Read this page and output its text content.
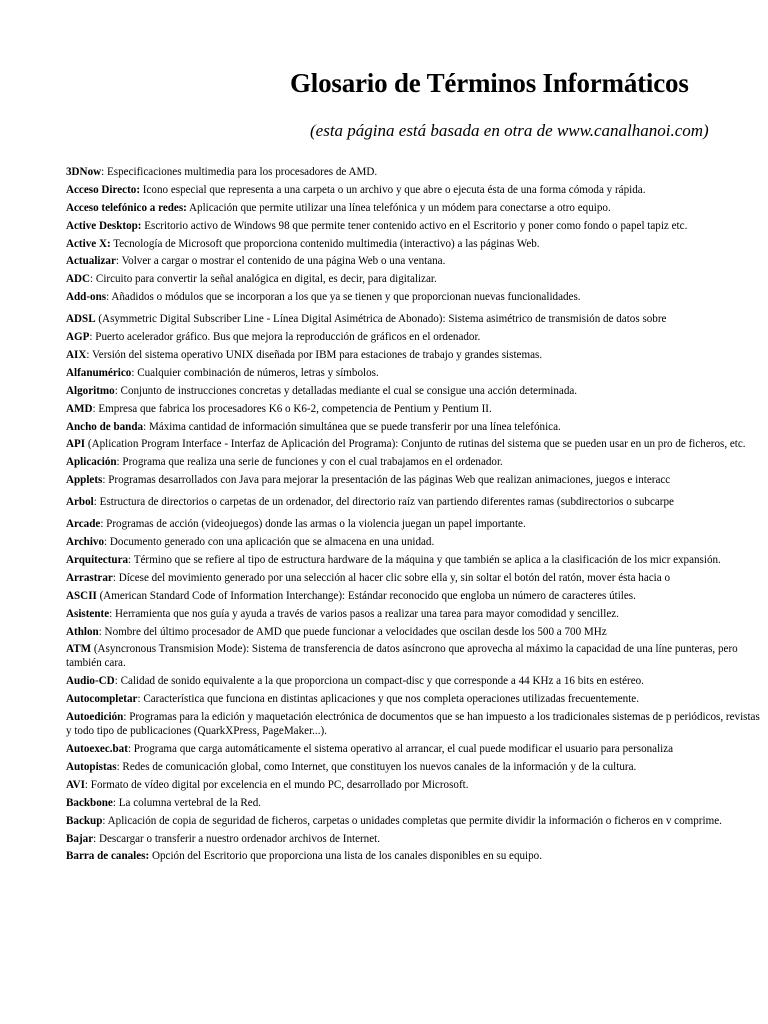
Glosario de Términos Informáticos

(esta página está basada en otra de www.canalhanoi.com)

3DNow: Especificaciones multimedia para los procesadores de AMD.

Acceso Directo: Icono especial que representa a una carpeta o un archivo y que abre o ejecuta ésta de una forma cómoda y rápida.

Acceso telefónico a redes: Aplicación que permite utilizar una línea telefónica y un módem para conectarse a otro equipo.

Active Desktop: Escritorio activo de Windows 98 que permite tener contenido activo en el Escritorio y poner como fondo o papel tapiz etc.

Active X: Tecnología de Microsoft que proporciona contenido multimedia (interactivo) a las páginas Web.

Actualizar: Volver a cargar o mostrar el contenido de una página Web o una ventana.

ADC: Circuito para convertir la señal analógica en digital, es decir, para digitalizar.

Add-ons: Añadidos o módulos que se incorporan a los que ya se tienen y que proporcionan nuevas funcionalidades.

ADSL (Asymmetric Digital Subscriber Line - Línea Digital Asimétrica de Abonado): Sistema asimétrico de transmisión de datos sobre

AGP: Puerto acelerador gráfico. Bus que mejora la reproducción de gráficos en el ordenador.

AIX: Versión del sistema operativo UNIX diseñada por IBM para estaciones de trabajo y grandes sistemas.

Alfanumérico: Cualquier combinación de números, letras y símbolos.

Algoritmo: Conjunto de instrucciones concretas y detalladas mediante el cual se consigue una acción determinada.

AMD: Empresa que fabrica los procesadores K6 o K6-2, competencia de Pentium y Pentium II.

Ancho de banda: Máxima cantidad de información simultánea que se puede transferir por una línea telefónica.

API (Aplication Program Interface - Interfaz de Aplicación del Programa): Conjunto de rutinas del sistema que se pueden usar en un pro de ficheros, etc.

Aplicación: Programa que realiza una serie de funciones y con el cual trabajamos en el ordenador.

Applets: Programas desarrollados con Java para mejorar la presentación de las páginas Web que realizan animaciones, juegos e interacc

Arbol: Estructura de directorios o carpetas de un ordenador, del directorio raíz van partiendo diferentes ramas (subdirectorios o subcarpe

Arcade: Programas de acción (videojuegos) donde las armas o la violencia juegan un papel importante.

Archivo: Documento generado con una aplicación que se almacena en una unidad.

Arquitectura: Término que se refiere al tipo de estructura hardware de la máquina y que también se aplica a la clasificación de los micr expansión.

Arrastrar: Dícese del movimiento generado por una selección al hacer clic sobre ella y, sin soltar el botón del ratón, mover ésta hacia o

ASCII (American Standard Code of Information Interchange): Estándar reconocido que engloba un número de caracteres útiles.

Asistente: Herramienta que nos guía y ayuda a través de varios pasos a realizar una tarea para mayor comodidad y sencillez.

Athlon: Nombre del último procesador de AMD que puede funcionar a velocidades que oscilan desde los 500 a 700 MHz

ATM (Asyncronous Transmision Mode): Sistema de transferencia de datos asíncrono que aprovecha al máximo la capacidad de una líne punteras, pero también cara.

Audio-CD: Calidad de sonido equivalente a la que proporciona un compact-disc y que corresponde a 44 KHz a 16 bits en estéreo.

Autocompletar: Característica que funciona en distintas aplicaciones y que nos completa operaciones utilizadas frecuentemente.

Autoedición: Programas para la edición y maquetación electrónica de documentos que se han impuesto a los tradicionales sistemas de p periódicos, revistas y todo tipo de publicaciones (QuarkXPress, PageMaker...).

Autoexec.bat: Programa que carga automáticamente el sistema operativo al arrancar, el cual puede modificar el usuario para personaliza

Autopistas: Redes de comunicación global, como Internet, que constituyen los nuevos canales de la información y de la cultura.

AVI: Formato de vídeo digital por excelencia en el mundo PC, desarrollado por Microsoft.

Backbone: La columna vertebral de la Red.

Backup: Aplicación de copia de seguridad de ficheros, carpetas o unidades completas que permite dividir la información o ficheros en v comprime.

Bajar: Descargar o transferir a nuestro ordenador archivos de Internet.

Barra de canales: Opción del Escritorio que proporciona una lista de los canales disponibles en su equipo.
